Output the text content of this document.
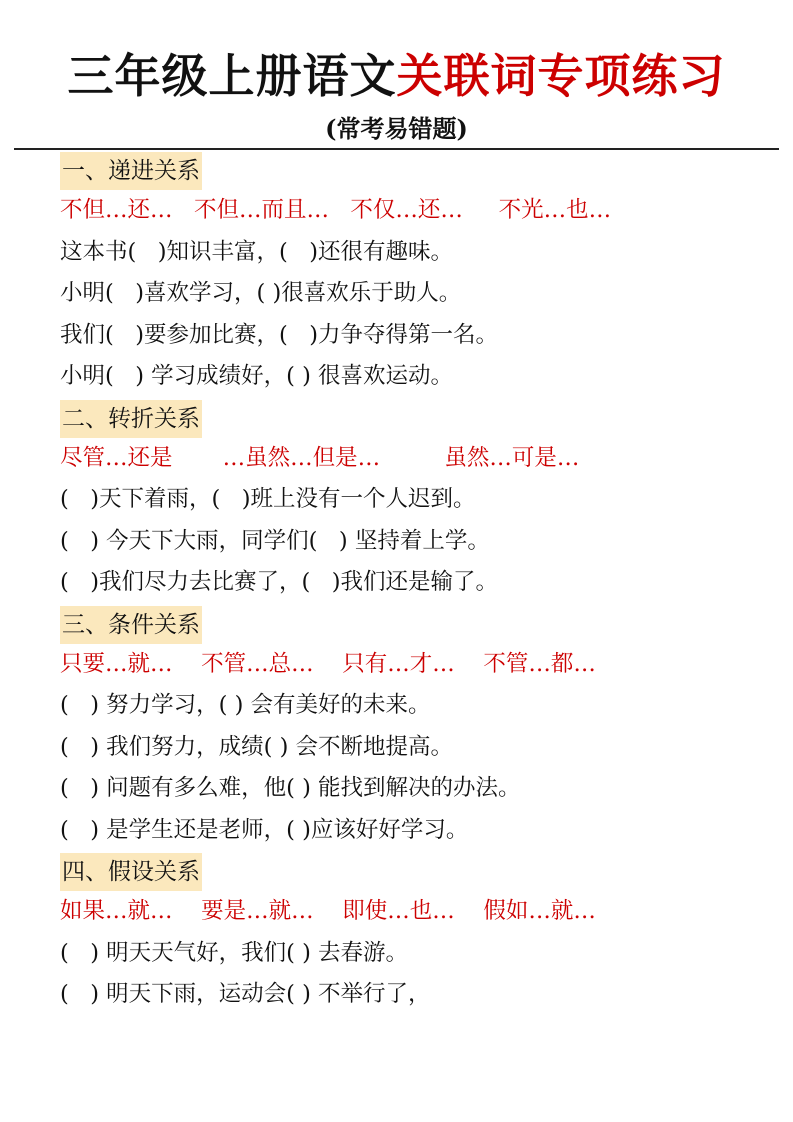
三年级上册语文关联词专项练习
(常考易错题)
一、递进关系
不但…还…   不但…而且…   不仅…还…     不光…也…
这本书(   )知识丰富，(   )还很有趣味。
小明(   )喜欢学习，( )很喜欢乐于助人。
我们(   )要参加比赛，(   )力争夺得第一名。
小明(   ) 学习成绩好，( ) 很喜欢运动。
二、转折关系
尽管…还是       …虽然…但是…         虽然…可是…
(   )天下着雨，(   )班上没有一个人迟到。
(   ) 今天下大雨，同学们(   ) 坚持着上学。
(   )我们尽力去比赛了，(   )我们还是输了。
三、条件关系
只要…就…    不管…总…    只有…才…    不管…都…
(   ) 努力学习，( ) 会有美好的未来。
(   ) 我们努力，成绩( ) 会不断地提高。
(   ) 问题有多么难，他( ) 能找到解决的办法。
(   ) 是学生还是老师，( )应该好好学习。
四、假设关系
如果…就…    要是…就…    即使…也…    假如…就…
(   ) 明天天气好，我们( ) 去春游。
(   ) 明天下雨，运动会( ) 不举行了，
